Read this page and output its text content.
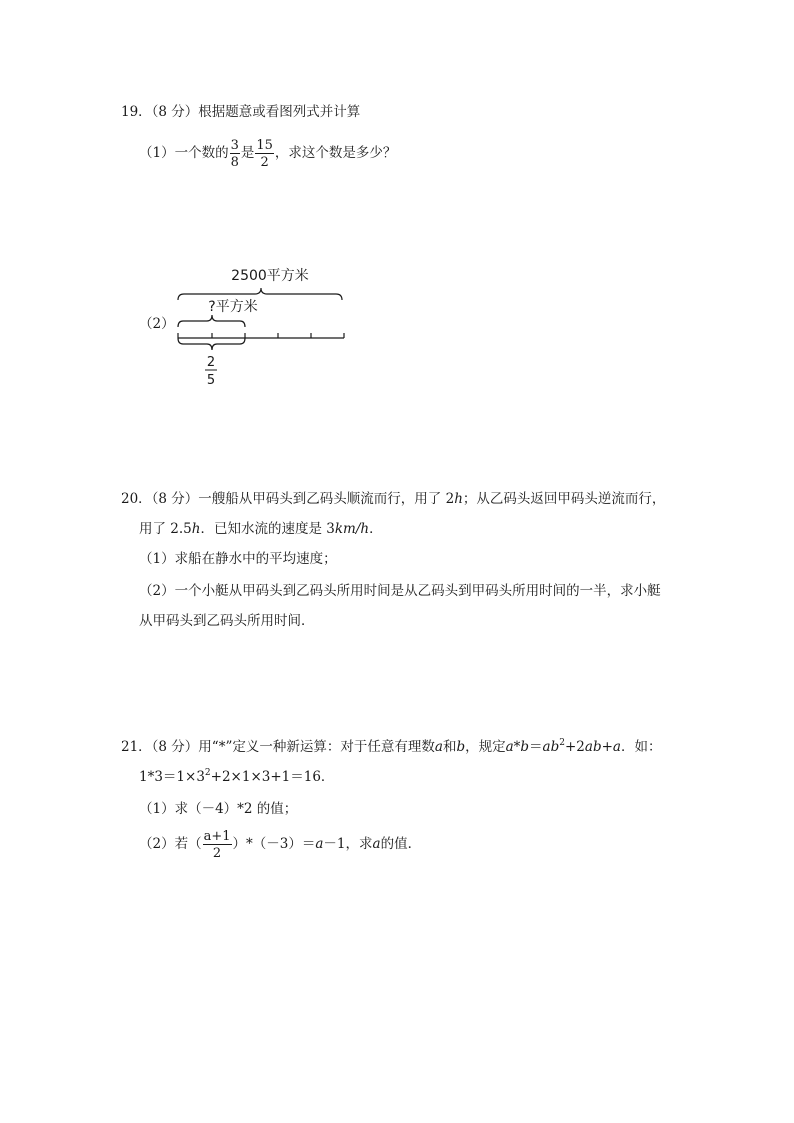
19．（8 分）根据题意或看图列式并计算
（1）一个数的 $\frac{3}{8}$ 是 $\frac{15}{2}$ ，求这个数是多少？
（2）
2500平方米
?平方米
2
5
20．（8 分）一艘船从甲码头到乙码头顺流而行，用了 2h；从乙码头返回甲码头逆流而行，
用了 2.5h．已知水流的速度是 3km/h．
（1）求船在静水中的平均速度；
（2）一个小艇从甲码头到乙码头所用时间是从乙码头到甲码头所用时间的一半，求小艇
从甲码头到乙码头所用时间．
21．（8 分）用“*”定义一种新运算：对于任意有理数a和b，规定$a*b=ab^2+2ab+a$．如：
$1*3=1\times 3^2+2\times 1\times 3+1=16$．
（1）求（－4）*2 的值；
（2）若（ $\frac{a+1}{2} )*(-3)=a-1$，求a的值．
